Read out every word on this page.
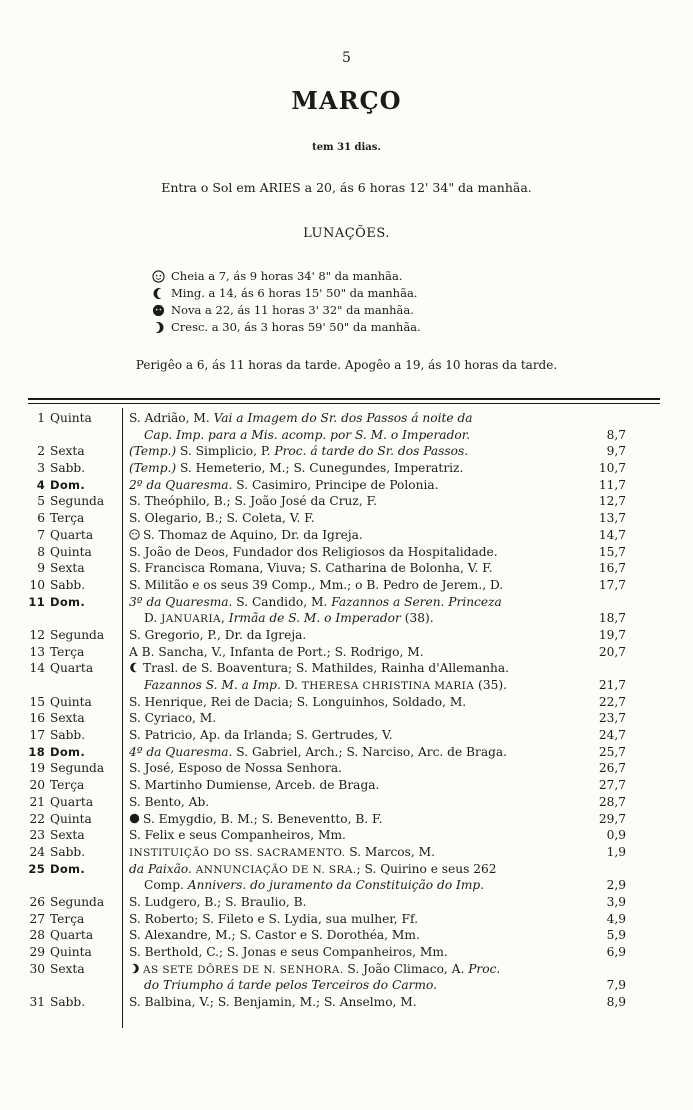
5
MARÇO
tem 31 dias.
Entra o Sol em ARIES a 20, ás 6 horas 12' 34" da manhãa.
LUNAÇÕES.
Cheia a 7, ás 9 horas 34' 8" da manhãa.
Ming. a 14, ás 6 horas 15' 50" da manhãa.
Nova a 22, ás 11 horas 3' 32" da manhãa.
Cresc. a 30, ás 3 horas 59' 50" da manhãa.
Perigêo a 6, ás 11 horas da tarde. Apogêo a 19, ás 10 horas da tarde.
1 Quinta	S. Adrião, M. Vai a Imagem do Sr. dos Passos á noite da
Cap. Imp. para a Mis. acomp. por S. M. o Imperador.	8,7
2 Sexta	(Temp.) S. Simplicio, P. Proc. á tarde do Sr. dos Passos.	9,7
3 Sabb.	(Temp.) S. Hemeterio, M.; S. Cunegundes, Imperatriz.	10,7
4 Dom.	2º da Quaresma. S. Casimiro, Principe de Polonia.	11,7
5 Segunda	S. Theóphilo, B.; S. João José da Cruz, F.	12,7
6 Terça	S. Olegario, B.; S. Coleta, V. F.	13,7
7 Quarta	S. Thomaz de Aquino, Dr. da Igreja.	14,7
8 Quinta	S. João de Deos, Fundador dos Religiosos da Hospitalidade.	15,7
9 Sexta	S. Francisca Romana, Viuva; S. Catharina de Bolonha, V. F.	16,7
10 Sabb.	S. Militão e os seus 39 Comp., Mm.; o B. Pedro de Jerem., D.	17,7
11 Dom.	3º da Quaresma. S. Candido, M. Fazannos a Seren. Princeza
D. JANUARIA, Irmãa de S. M. o Imperador (38).	18,7
12 Segunda	S. Gregorio, P., Dr. da Igreja.	19,7
13 Terça	A B. Sancha, V., Infanta de Port.; S. Rodrigo, M.	20,7
14 Quarta	Trasl. de S. Boaventura; S. Mathildes, Rainha d'Allemanha.
Fazannos S. M. a Imp. D. THERESA CHRISTINA MARIA (35).	21,7
15 Quinta	S. Henrique, Rei de Dacia; S. Longuinhos, Soldado, M.	22,7
16 Sexta	S. Cyriaco, M.	23,7
17 Sabb.	S. Patricio, Ap. da Irlanda; S. Gertrudes, V.	24,7
18 Dom.	4º da Quaresma. S. Gabriel, Arch.; S. Narciso, Arc. de Braga.	25,7
19 Segunda	S. José, Esposo de Nossa Senhora.	26,7
20 Terça	S. Martinho Dumiense, Arceb. de Braga.	27,7
21 Quarta	S. Bento, Ab.	28,7
22 Quinta	S. Emygdio, B. M.; S. Beneventto, B. F.	29,7
23 Sexta	S. Felix e seus Companheiros, Mm.	0,9
24 Sabb.	INSTITUIÇÃO DO SS. SACRAMENTO. S. Marcos, M.	1,9
25 Dom.	da Paixão. ANNUNCIAÇÃO DE N. SRA.; S. Quirino e seus 262
Comp. Annivers. do juramento da Constituição do Imp.	2,9
26 Segunda	S. Ludgero, B.; S. Braulio, B.	3,9
27 Terça	S. Roberto; S. Fileto e S. Lydia, sua mulher, Ff.	4,9
28 Quarta	S. Alexandre, M.; S. Castor e S. Dorothéa, Mm.	5,9
29 Quinta	S. Berthold, C.; S. Jonas e seus Companheiros, Mm.	6,9
30 Sexta	AS SETE DÔRES DE N. SENHORA. S. João Climaco, A. Proc.
do Triumpho á tarde pelos Terceiros do Carmo.	7,9
31 Sabb.	S. Balbina, V.; S. Benjamin, M.; S. Anselmo, M.	8,9
